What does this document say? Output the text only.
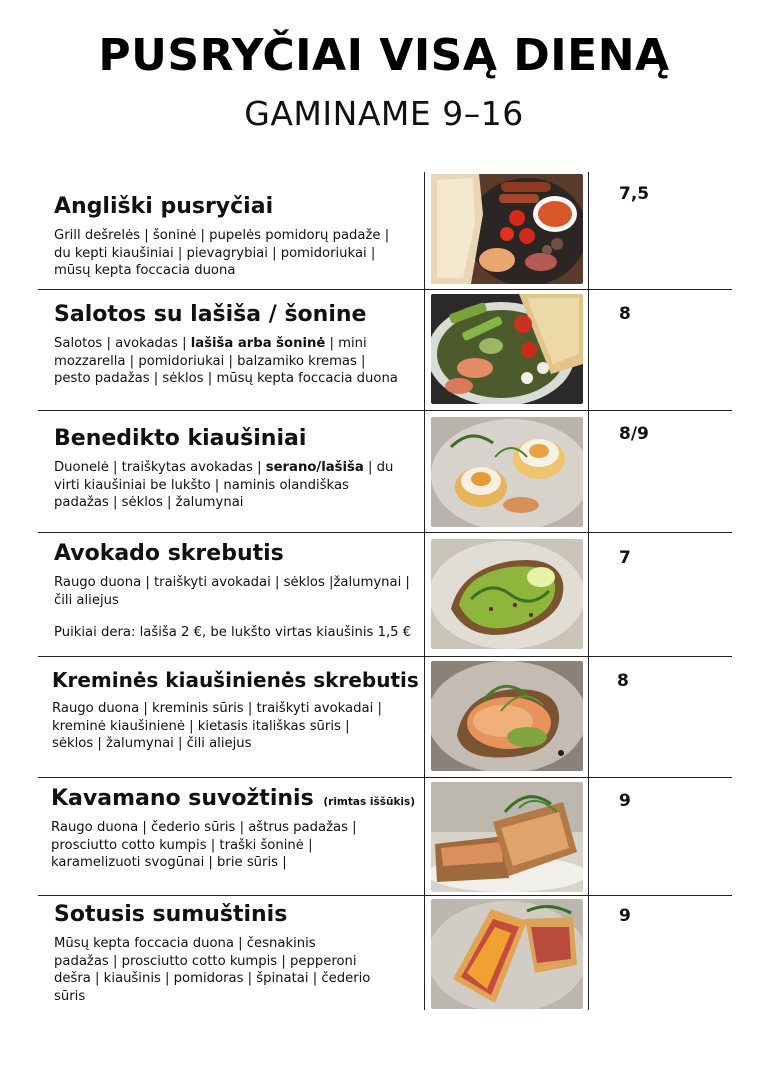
PUSRYČIAI VISĄ DIENĄ
GAMINAME 9–16
Angliški pusryčiai
Grill dešrelės | šoninė | pupelės pomidorų padaže |
du kepti kiaušiniai | pievagrybiai | pomidoriukai |
mūsų kepta foccacia duona
7,5
Salotos su lašiša / šonine
Salotos | avokadas | lašiša arba šoninė | mini mozzarella | pomidoriukai | balzamiko kremas | pesto padažas | sėklos | mūsų kepta foccacia duona
8
Benedikto kiaušiniai
Duonelė | traiškytas avokadas | serano/lašiša | du virti kiaušiniai be lukšto | naminis olandiškas padažas | sėklos | žalumynai
8/9
Avokado skrebutis
Raugo duona | traiškyti avokadai | sėklos |žalumynai | čili aliejus
Puikiai dera: lašiša 2 €, be lukšto virtas kiaušinis 1,5 €
7
Kreminės kiaušinienės skrebutis
Raugo duona | kreminis sūris | traiškyti avokadai | kreminė kiaušinienė | kietasis itališkas sūris | sėklos | žalumynai | čili aliejus
8
Kavamano suvožtinis (rimtas iššūkis)
Raugo duona | čederio sūris | aštrus padažas | prosciutto cotto kumpis | traški šoninė | karamelizuoti svogūnai | brie sūris |
9
Sotusis sumuštinis
Mūsų kepta foccacia duona | česnakinis padažas | prosciutto cotto kumpis | pepperoni dešra | kiaušinis | pomidoras | špinatai | čederio sūris
9
